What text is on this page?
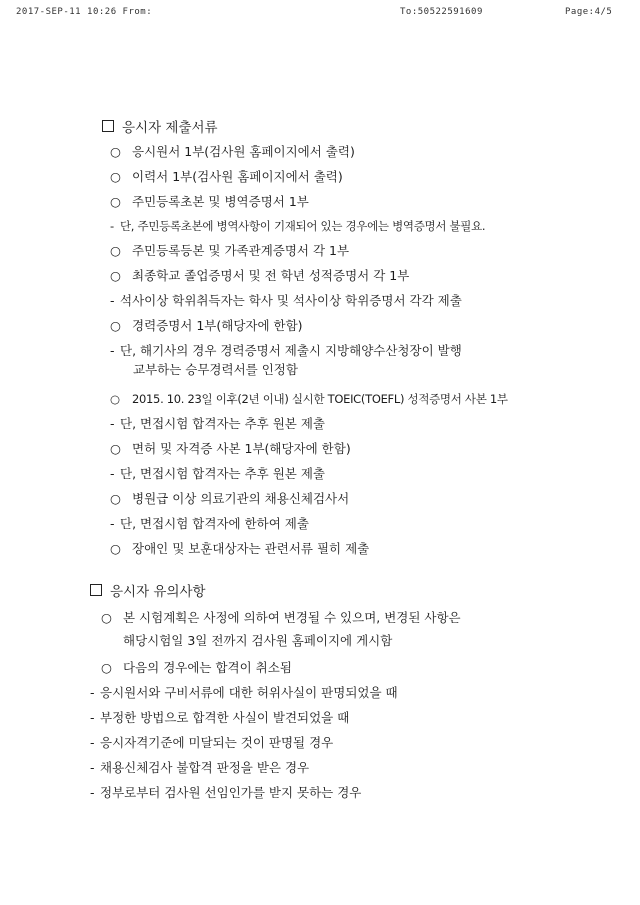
2017-SEP-11 10:26 From:	To:50522591609	Page:4/5
응시자 제출서류
○ 응시원서 1부(검사원 홈페이지에서 출력)
○ 이력서 1부(검사원 홈페이지에서 출력)
○ 주민등록초본 및 병역증명서 1부
- 단, 주민등록초본에 병역사항이 기재되어 있는 경우에는 병역증명서 불필요.
○ 주민등록등본 및 가족관계증명서 각 1부
○ 최종학교 졸업증명서 및 전 학년 성적증명서 각 1부
- 석사이상 학위취득자는 학사 및 석사이상 학위증명서 각각 제출
○ 경력증명서 1부(해당자에 한함)
- 단, 해기사의 경우 경력증명서 제출시 지방해양수산청장이 발행
교부하는 승무경력서를 인정함
○ 2015. 10. 23일 이후(2년 이내) 실시한 TOEIC(TOEFL) 성적증명서 사본 1부
- 단, 면접시험 합격자는 추후 원본 제출
○ 면허 및 자격증 사본 1부(해당자에 한함)
- 단, 면접시험 합격자는 추후 원본 제출
○ 병원급 이상 의료기관의 채용신체검사서
- 단, 면접시험 합격자에 한하여 제출
○ 장애인 및 보훈대상자는 관련서류 필히 제출
응시자 유의사항
○ 본 시험계획은 사정에 의하여 변경될 수 있으며, 변경된 사항은
해당시험일 3일 전까지 검사원 홈페이지에 게시함
○ 다음의 경우에는 합격이 취소됨
- 응시원서와 구비서류에 대한 허위사실이 판명되었을 때
- 부정한 방법으로 합격한 사실이 발견되었을 때
- 응시자격기준에 미달되는 것이 판명될 경우
- 채용신체검사 불합격 판정을 받은 경우
- 정부로부터 검사원 선임인가를 받지 못하는 경우
